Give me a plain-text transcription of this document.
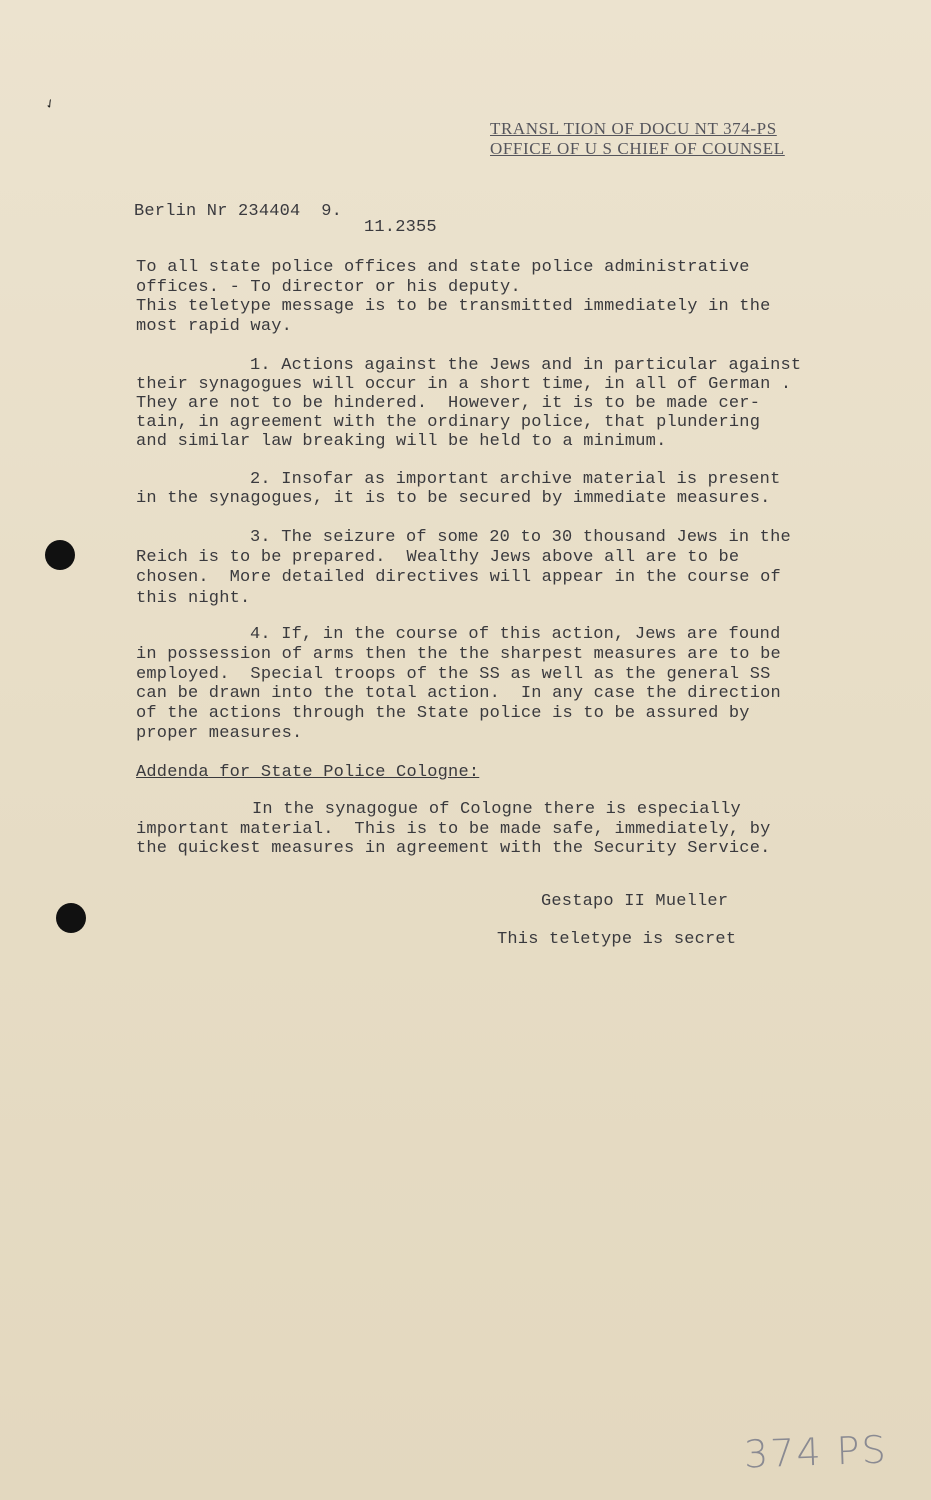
TRANSL TION OF DOCU NT 374-PS
OFFICE OF U S CHIEF OF COUNSEL
✓
Berlin Nr 234404  9.
11.2355
To all state police offices and state police administrative
offices. - To director or his deputy.
This teletype message is to be transmitted immediately in the
most rapid way.
1. Actions against the Jews and in particular against
their synagogues will occur in a short time, in all of German .
They are not to be hindered.  However, it is to be made cer-
tain, in agreement with the ordinary police, that plundering
and similar law breaking will be held to a minimum.
2. Insofar as important archive material is present
in the synagogues, it is to be secured by immediate measures.
3. The seizure of some 20 to 30 thousand Jews in the
Reich is to be prepared.  Wealthy Jews above all are to be
chosen.  More detailed directives will appear in the course of
this night.
4. If, in the course of this action, Jews are found
in possession of arms then the the sharpest measures are to be
employed.  Special troops of the SS as well as the general SS
can be drawn into the total action.  In any case the direction
of the actions through the State police is to be assured by
proper measures.
Addenda for State Police Cologne:
In the synagogue of Cologne there is especially
important material.  This is to be made safe, immediately, by
the quickest measures in agreement with the Security Service.
Gestapo II Mueller
This teletype is secret
374 PS
